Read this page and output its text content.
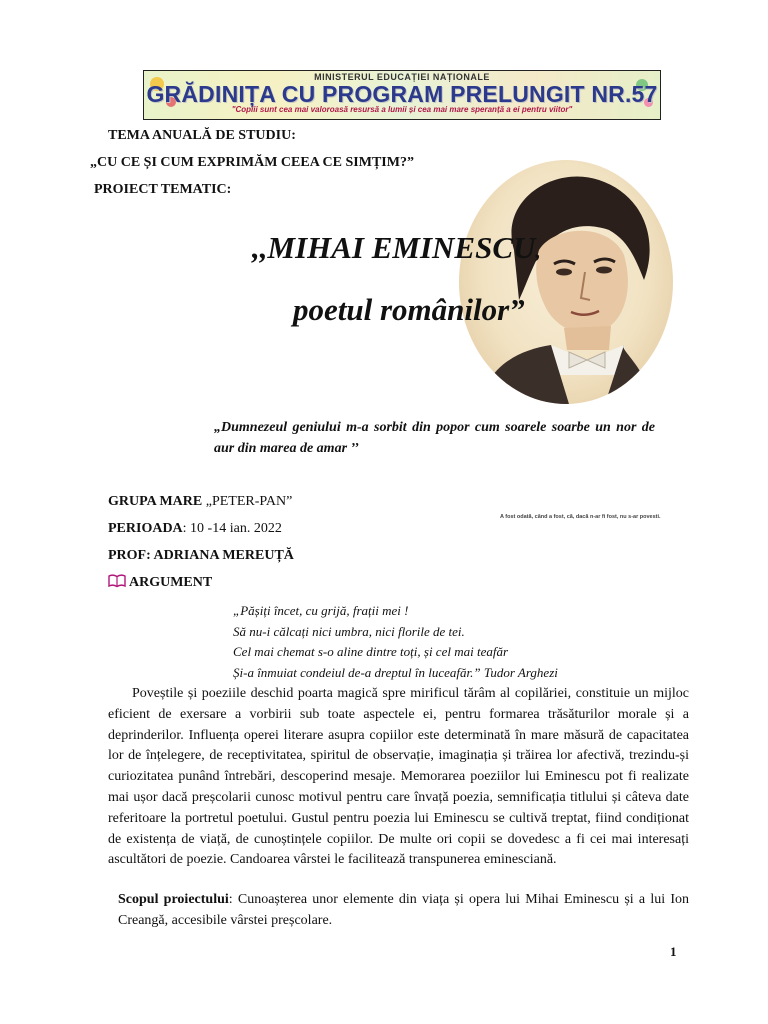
MINISTERUL EDUCAȚIEI NAȚIONALE
GRĂDINIȚA CU PROGRAM PRELUNGIT NR.57
"Copiii sunt cea mai valoroasă resursă a lumii și cea mai mare speranță a ei pentru viitor"
TEMA ANUALĂ DE STUDIU:
„CU CE ȘI CUM EXPRIMĂM CEEA CE SIMȚIM?”
PROIECT TEMATIC:
,,MIHAI EMINESCU,
poetul românilor”
„Dumnezeul geniului m-a sorbit din popor cum soarele soarbe un nor de aur din marea de amar ’’
A fost odată, când a fost, că, dacă n-ar fi fost, nu s-ar povesti.
GRUPA MARE „PETER-PAN”
PERIOADA: 10 -14 ian. 2022
PROF: ADRIANA MEREUȚĂ
ARGUMENT
„Pășiți încet, cu grijă, frații mei !
Să nu-i călcați nici umbra, nici florile de tei.
Cel mai chemat s-o aline dintre toți, și cel mai teafăr
Și-a înmuiat condeiul de-a dreptul în luceafăr.” Tudor Arghezi
Poveștile și poeziile deschid poarta magică spre mirificul tărâm al copilăriei, constituie un mijloc eficient de exersare a vorbirii sub toate aspectele ei, pentru formarea trăsăturilor morale și a deprinderilor. Influența operei literare asupra copiilor este determinată în mare măsură de capacitatea lor de înțelegere, de receptivitatea, spiritul de observație, imaginația și trăirea lor afectivă, trezindu-și curiozitatea punând întrebări, descoperind mesaje. Memorarea poeziilor lui Eminescu pot fi realizate mai ușor dacă preșcolarii cunosc motivul pentru care învață poezia, semnificația titlului și câteva date referitoare la portretul poetului. Gustul pentru poezia lui Eminescu se cultivă treptat, fiind condiționat de existența de viață, de cunoștințele copiilor. De multe ori copii se dovedesc a fi cei mai interesați ascultători de poezie. Candoarea vârstei le facilitează transpunerea eminesciană.
Scopul proiectului: Cunoașterea unor elemente din viața și opera lui Mihai Eminescu și a lui Ion Creangă, accesibile vârstei preșcolare.
1
